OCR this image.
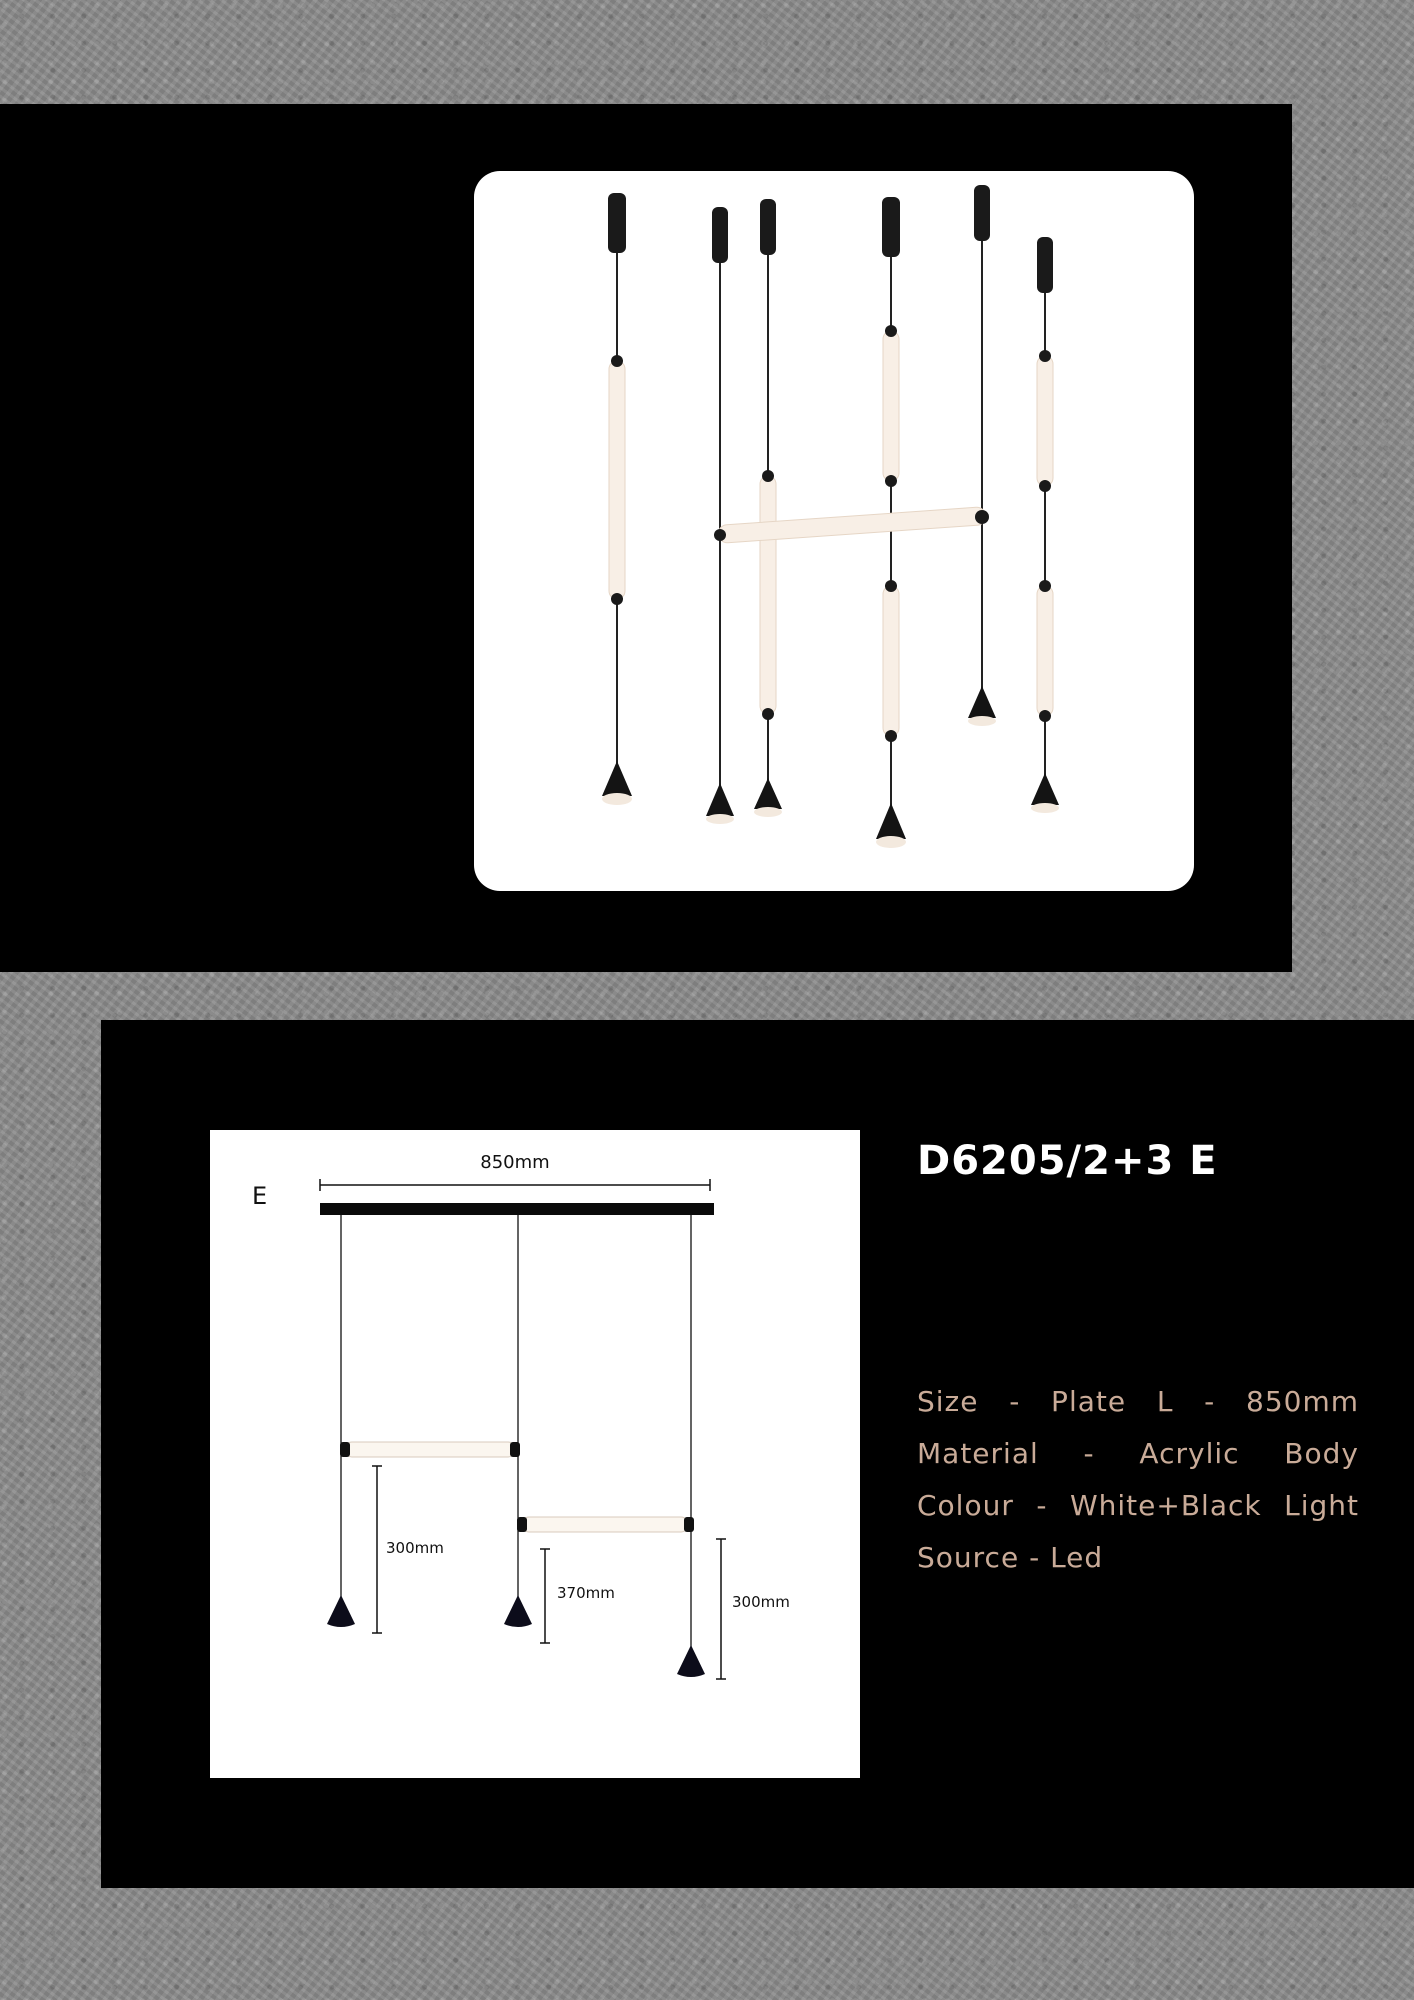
E
850mm
300mm
370mm	300mm
D6205/2+3 E
Size - Plate L - 850mm
Material - Acrylic Body
Colour - White+Black Light
Source - Led
